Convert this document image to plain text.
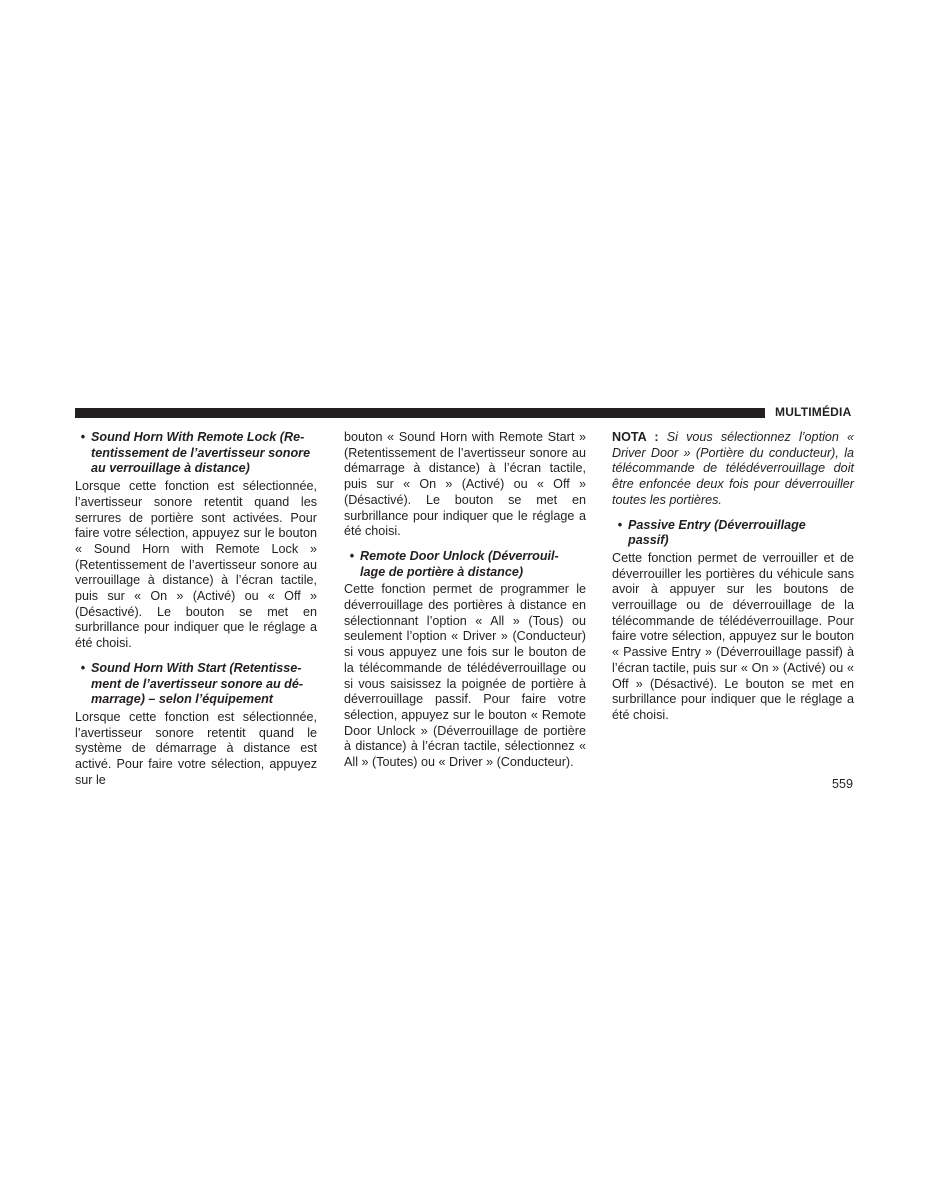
MULTIMÉDIA

• Sound Horn With Remote Lock (Re-
tentissement de l’avertisseur sonore
au verrouillage à distance)

Lorsque cette fonction est sélectionnée, l’avertisseur sonore retentit quand les serrures de portière sont activées. Pour faire votre sélection, appuyez sur le bouton « Sound Horn with Remote Lock » (Retentissement de l’avertisseur sonore au verrouillage à distance) à l’écran tactile, puis sur « On » (Activé) ou « Off » (Désactivé). Le bouton se met en surbrillance pour indiquer que le réglage a été choisi.

• Sound Horn With Start (Retentisse-
ment de l’avertisseur sonore au dé-
marrage) – selon l’équipement

Lorsque cette fonction est sélectionnée, l’avertisseur sonore retentit quand le système de démarrage à distance est activé. Pour faire votre sélection, appuyez sur le

bouton « Sound Horn with Remote Start » (Retentissement de l’avertisseur sonore au démarrage à distance) à l’écran tactile, puis sur « On » (Activé) ou « Off » (Désactivé). Le bouton se met en surbrillance pour indiquer que le réglage a été choisi.

• Remote Door Unlock (Déverrouil-
lage de portière à distance)

Cette fonction permet de programmer le déverrouillage des portières à distance en sélectionnant l’option « All » (Tous) ou seulement l’option « Driver » (Conducteur) si vous appuyez une fois sur le bouton de la télécommande de télédéverrouillage ou si vous saisissez la poignée de portière à déverrouillage passif. Pour faire votre sélection, appuyez sur le bouton « Remote Door Unlock » (Déverrouillage de portière à distance) à l’écran tactile, sélectionnez « All » (Toutes) ou « Driver » (Conducteur).

NOTA : Si vous sélectionnez l’option « Driver Door » (Portière du conducteur), la télécommande de télédéverrouillage doit être enfoncée deux fois pour déverrouiller toutes les portières.

• Passive Entry (Déverrouillage
passif)

Cette fonction permet de verrouiller et de déverrouiller les portières du véhicule sans avoir à appuyer sur les boutons de verrouillage ou de déverrouillage de la télécommande de télédéverrouillage. Pour faire votre sélection, appuyez sur le bouton « Passive Entry » (Déverrouillage passif) à l’écran tactile, puis sur « On » (Activé) ou « Off » (Désactivé). Le bouton se met en surbrillance pour indiquer que le réglage a été choisi.

559
